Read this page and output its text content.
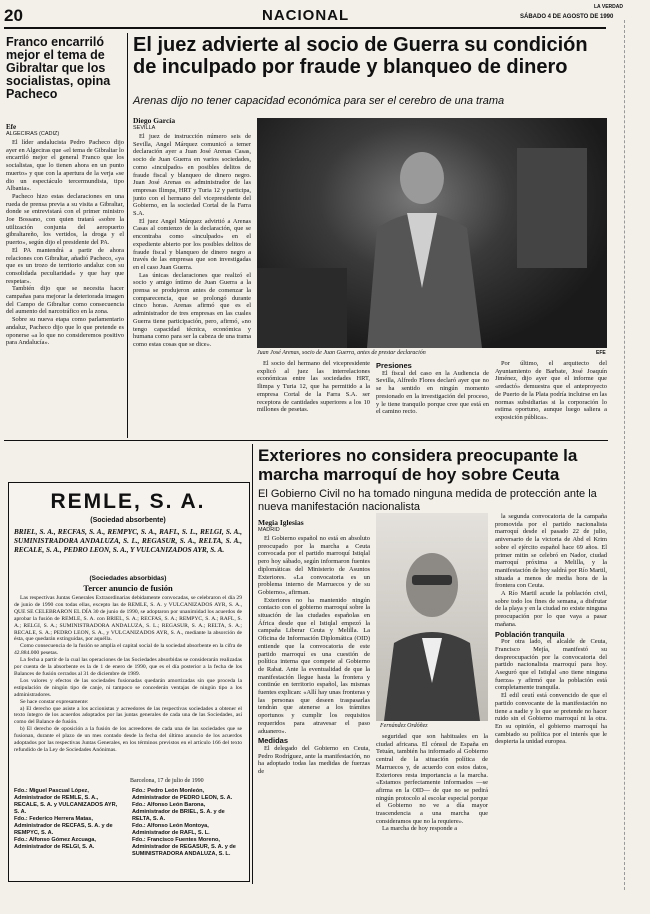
20	NACIONAL	LA VERDAD
SÁBADO 4 DE AGOSTO DE 1990
Franco encarriló mejor el tema de Gibraltar que los socialistas, opina Pacheco
Efe
ALGECIRAS (CADIZ)
El líder andalucista Pedro Pacheco dijo ayer en Algeciras que «el tema de Gibraltar lo encarriló mejor el general Franco que los socialistas, que lo tienen ahora en un punto muerto» y que con la apertura de la verja «se dio un espectáculo tercermundista, tipo Albania».
Pacheco hizo estas declaraciones en una rueda de prensa previa a su visita a Gibraltar, donde se entrevistará con el primer ministro Joe Bossano, con quien tratará «sobre la utilización conjunta del aeropuerto gibraltareño, los vertidos, la droga y el puerto», según dijo el presidente del PA.
El PA mantendrá a partir de ahora relaciones con Gibraltar, añadió Pacheco, «ya que es un trozo de territorio andaluz con su consolidada peculiaridad» y que hay que respetar».
También dijo que se necesita hacer campañas para mejorar la deteriorada imagen del Campo de Gibraltar como consecuencia del aumento del narcotráfico en la zona.
Sobre su nueva etapa como parlamentario andaluz, Pacheco dijo que lo que pretende es oponerse «a lo que no consideremos positivo para Andalucía».
El juez advierte al socio de Guerra su condición de inculpado por fraude y blanqueo de dinero
Arenas dijo no tener capacidad económica para ser el cerebro de una trama
Diego García
SEVILLA
El juez de instrucción número seis de Sevilla, Angel Márquez comunicó a temer declaración ayer a Juan José Arenas Casas, socio de Juan Guerra en varios sociedades, como «inculpado» en posibles delitos de fraude fiscal y blanqueo de dinero negro. Juan José Arenas es administrador de las empresas Ilimpa, HRT y Turia 12 y participa, junto con el hermano del vicepresidente del Gobierno, en la sociedad Cortal de la Farra S.A.
El juez Angel Márquez advirtió a Arenas Casas al comienzo de la declaración, que se encontraba como «inculpado» en el expediente abierto por los posibles delitos de fraude fiscal y blanqueo de dinero negro a través de las empresas que son investigadas en el caso Juan Guerra.
Las únicas declaraciones que realizó el socio y amigo íntimo de Juan Guerra a la prensa se produjeron antes de comenzar la comparecencia, que se prolongó durante cinco horas. Arenas afirmó que es el administrador de tres empresas en las cuales Guerra tiene participación, pero, afirmó, «no tengo capacidad técnica, económica y humana como para ser la cabeza de una trama como estas cosas que se dice».
Juan José Arenas, socio de Juan Guerra, antes de prestar declaración	EFE
El socio del hermano del vicepresidente explicó al juez las interrelaciones económicas entre las sociedades HRT, Ilimpa y Turia 12, que ha permitido a la empresa Cortal de la Farra S.A. ser receptora de cantidades superiores a los 10 millones de pesetas.
Presiones
El fiscal del caso en la Audiencia de Sevilla, Alfredo Flores declaró ayer que no se ha sentido en ningún momento presionado en la investigación del proceso, y le tiene tranquilo porque cree que está en el camino recto.
Por último, el arquitecto del Ayuntamiento de Barbate, José Joaquín Jiménez, dijo ayer que el informe que «redactó» demuestra que el anteproyecto de Puerto de la Plata podría incluirse en las normas subsidiarias si la corporación lo estima oportuno, aunque luego saliera a exposición pública».
REMLE, S. A.
(Sociedad absorbente)
BRIEL, S. A., RECFAS, S. A., REMPYC, S. A., RAFL, S. L., RELGI, S. A., SUMINISTRADORA ANDALUZA, S. L., REGASUR, S. A., RELTA, S. A., RECALE, S. A., PEDRO LEON, S. A., Y VULCANIZADOS AYR, S. A.
(Sociedades absorbidas)
Tercer anuncio de fusión
Las respectivas Juntas Generales Extraordinarias debidamente convocadas, se celebraron el día 29 de junio de 1990 con todas ellas, excepto las de REMLE, S. A. y VULCANIZADOS AYR, S. A., QUE SE CELEBRARON EL DÍA 30 de junio de 1990, se adoptaron por unanimidad los acuerdos de aprobar la fusión de REMLE, S. A. con BRIEL, S. A.; RECFAS, S. A.; REMPYC, S. A.; RAFL, S. A.; RELGI, S. A.; SUMINISTRADORA ANDALUZA, S. L.; REGASUR, S. A.; RELTA, S. A.; RECALE, S. A.; PEDRO LEON, S. A., y VULCANIZADOS AYR, S. A., mediante la absorción de ésta, que quedarán extinguidas, por aquélla.
Como consecuencia de la fusión se amplía el capital social de la sociedad absorbente en la cifra de 42.884.000 pesetas.
La fecha a partir de la cual las operaciones de las Sociedades absorbidas se considerarán realizadas por cuenta de la absorbente es la de 1 de enero de 1990, que es el día posterior a la fecha de los Balances de fusión cerrados al 31 de diciembre de 1989.
Los valores y efectos de las sociedades fusionadas quedarán amortizadas sin que proceda la estipulación de ningún tipo de canje, ni tampoco se concederán ventajas de ningún tipo a los administradores.
Se hace constar expresamente:
a) El derecho que asiste a los accionistas y acreedores de las respectivas sociedades a obtener el texto íntegro de los acuerdos adoptados por las juntas generales de cada una de las Sociedades, así como del Balance de fusión.
b) El derecho de oposición a la fusión de los acreedores de cada una de las sociedades que se fusionan, durante el plazo de un mes contado desde la fecha del último anuncio de los acuerdos adoptados por las respectivas Juntas Generales, en los términos previstos en el artículo 166 del texto refundido de la Ley de Sociedades Anónimas.
Barcelona, 17 de julio de 1990
Fdo.: Miguel Pascual López, Administrador de REMLE, S. A., RECALE, S. A. y VULCANIZADOS AYR, S. A.
Fdo.: Federico Herrera Matas, Administrador de RECFAS, S. A. y de REMPYC, S. A.
Fdo.: Alfonso Gómez Azcuaga, Administrador de RELGI, S. A.
Fdo.: Pedro León Monleón, Administrador de PEDRO LEON, S. A.
Fdo.: Alfonso León Barona, Administrador de BRIEL, S. A. y de RELTA, S. A.
Fdo.: Alfonso León Montoya, Administrador de RAFL, S. L.
Fdo.: Francisco Fuentes Moreno, Administrador de REGASUR, S. A. y de SUMINISTRADORA ANDALUZA, S. L.
Exteriores no considera preocupante la marcha marroquí de hoy sobre Ceuta
El Gobierno Civil no ha tomado ninguna medida de protección ante la nueva manifestación nacionalista
Megia Iglesias
MADRID
El Gobierno español no está en absoluto preocupado por la marcha a Ceuta convocada por el partido marroquí Istiqlal pero hoy sábado, según informaron fuentes diplomáticas del Ministerio de Asuntos Exteriores. «La convocatoria es un problema interno de Marruecos y de su Gobierno», afirman.
Exteriores no ha mantenido ningún contacto con el gobierno marroquí sobre la situación de las ciudades españolas en África desde que el Istiqlal empezó la campaña Liberar Ceuta y Melilla. La Oficina de Información Diplomática (OID) entiende que la convocatoria de este partido marroquí es una cuestión de política interna que compete al Gobierno de Rabat. Ante la eventualidad de que la manifestación llegue hasta la frontera y continúe en territorio español, las mismas fuentes explican: «Allí hay unas fronteras y las personas que deseen traspasarlas tendrán que atenerse a los trámites oportunos y cumplir los requisitos requeridos para atravesar el paso aduanero».
Medidas
El delegado del Gobierno en Ceuta, Pedro Rodríguez, ante la manifestación, no ha adoptado todas las medidas de fuerzas de
Fernández Ordóñez
seguridad que son habituales en la ciudad africana. El cónsul de España en Tetuán, también ha informado al Gobierno central de la situación política de Marruecos y, de acuerdo con estos datos, Exteriores resta importancia a la marcha. «Estamos perfectamente informados —se afirma en la OID— de que no se pedirá ningún protocolo al escolar especial porque el Gobierno no ve a día mayor trascendencia a una marcha que consideramos que no la requiere».
La marcha de hoy responde a
la segunda convocatoria de la campaña promovida por el partido nacionalista marroquí desde el pasado 22 de julio, aniversario de la victoria de Abd el Krim sobre el ejército español hace 69 años. El primer mitin se celebró en Nador, ciudad marroquí próxima a Melilla, y la manifestación de hoy saldrá por Río Martil, situada a menos de media hora de la frontera con Ceuta.
A Río Martil acude la población civil, sobre todo los fines de semana, a disfrutar de la playa y en la ciudad no existe ninguna preocupación por lo que vaya a pasar mañana.
Población tranquila
Por otra lado, el alcalde de Ceuta, Francisco Mejía, manifestó su despreocupación por la convocatoria del partido nacionalista marroquí para hoy. Aseguró que el Istiqlal «no tiene ninguna fuerza» y afirmó que la población está completamente tranquila.
El edil ceutí está convencido de que el partido convocante de la manifestación no tiene a nadie y lo que se pretende no hacer ruido sin el Gobierno marroquí ni la otra. En su opinión, el gobierno marroquí ha cambiado su política por el interés que le despierta la unidad europea.
